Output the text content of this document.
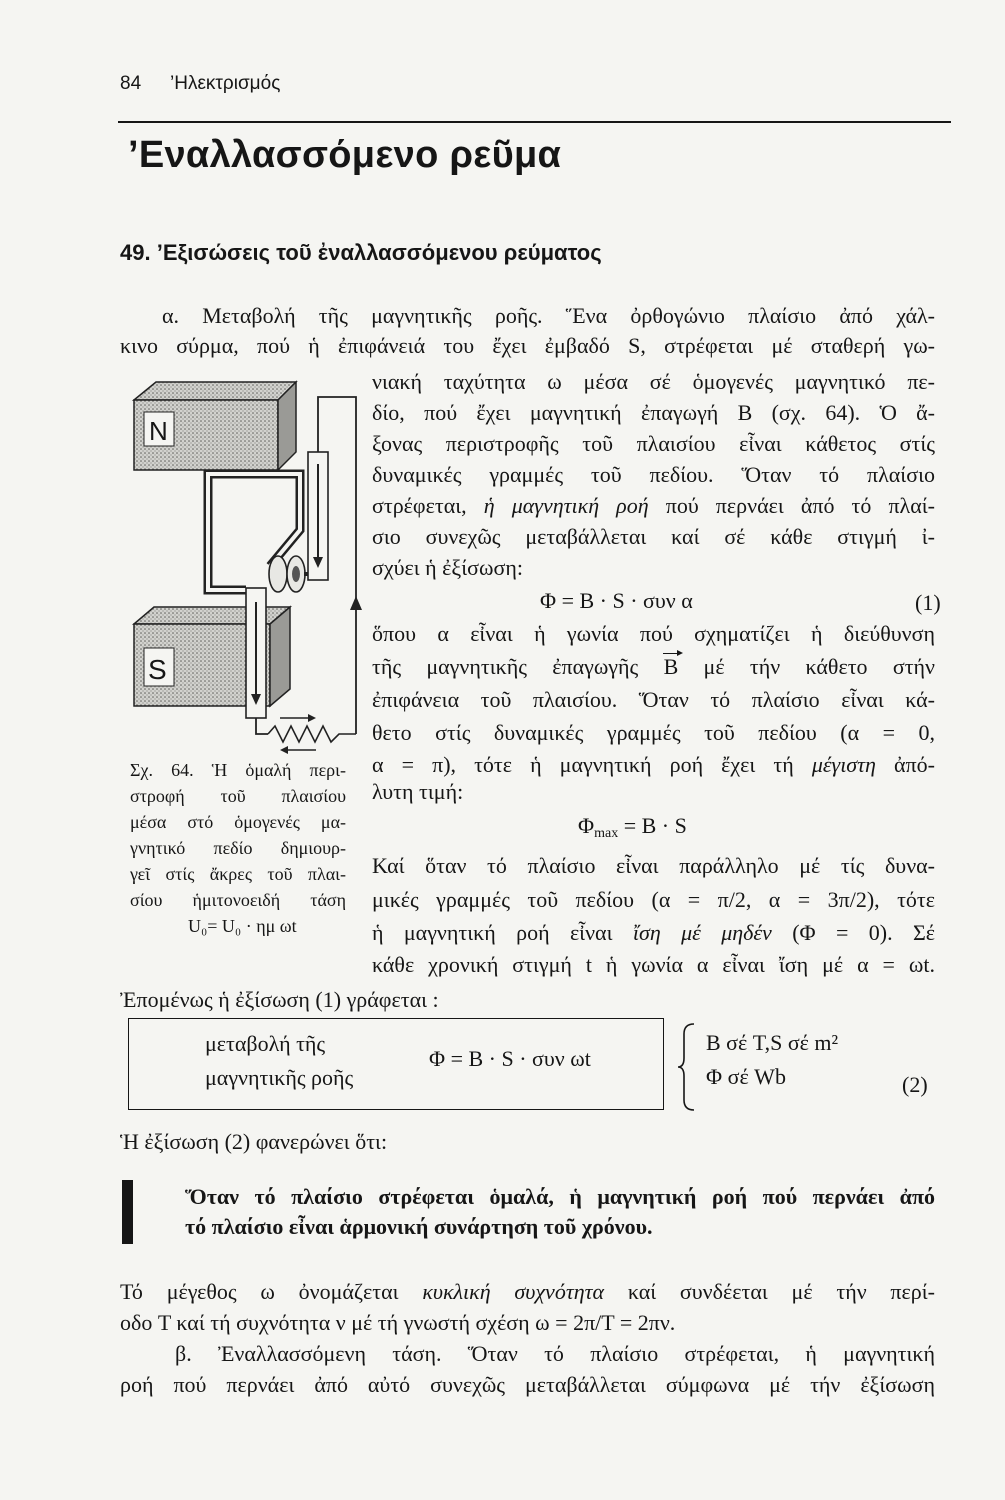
84 ’Ηλεκτρισμός
’Εναλλασσόμενο ρεῦμα
49. ’Εξισώσεις τοῦ ἐναλλασσόμενου ρεύματος
α. Μεταβολή τῆς μαγνητικῆς ροῆς. Ἕνα ὀρθογώνιο πλαίσιο ἀπό χάλ-
κινο σύρμα, πού ἡ ἐπιφάνειά του ἔχει ἐμβαδό S, στρέφεται μέ σταθερή γω-
νιακή ταχύτητα ω μέσα σέ ὁμογενές μαγνητικό πε-
δίο, πού ἔχει μαγνητική ἐπαγωγή B (σχ. 64). Ὁ ἄ-
ξονας περιστροφῆς τοῦ πλαισίου εἶναι κάθετος στίς
δυναμικές γραμμές τοῦ πεδίου. Ὅταν τό πλαίσιο
στρέφεται, ἡ μαγνητική ροή πού περνάει ἀπό τό πλαί-
σιο συνεχῶς μεταβάλλεται καί σέ κάθε στιγμή ἰ-
σχύει ἡ ἐξίσωση:
Φ = B · S · συν α	(1)
ὅπου α εἶναι ἡ γωνία πού σχηματίζει ἡ διεύθυνση
τῆς μαγνητικῆς ἐπαγωγῆς B μέ τήν κάθετο στήν
ἐπιφάνεια τοῦ πλαισίου. Ὅταν τό πλαίσιο εἶναι κά-
θετο στίς δυναμικές γραμμές τοῦ πεδίου (α = 0,
α = π), τότε ἡ μαγνητική ροή ἔχει τή μέγιστη ἀπό-
λυτη τιμή:
$\Phi_{max} = B \cdot S$
Καί ὅταν τό πλαίσιο εἶναι παράλληλο μέ τίς δυνα-
μικές γραμμές τοῦ πεδίου (α = π/2, α = 3π/2), τότε
ἡ μαγνητική ροή εἶναι ἴση μέ μηδέν (Φ = 0). Σέ
κάθε χρονική στιγμή t ἡ γωνία α εἶναι ἴση μέ α = ωt.
N
S
Σχ. 64. Ἡ ὁμαλή περι-
στροφή τοῦ πλαισίου
μέσα στό ὁμογενές μα-
γνητικό πεδίο δημιουρ-
γεῖ στίς ἄκρες τοῦ πλαι-
σίου ἡμιτονοειδή τάση
U₀= U₀ · ημ ωt
Ἐπομένως ἡ ἐξίσωση (1) γράφεται :
μεταβολή τῆς
μαγνητικῆς ροῆς
Φ = B · S · συν ωt
B σέ T,S σέ m²
Φ σέ Wb	(2)
Ἡ ἐξίσωση (2) φανερώνει ὅτι:
Ὅταν τό πλαίσιο στρέφεται ὁμαλά, ἡ μαγνητική ροή πού περνάει ἀπό
τό πλαίσιο εἶναι ἁρμονική συνάρτηση τοῦ χρόνου.
Τό μέγεθος ω ὀνομάζεται κυκλική συχνότητα καί συνδέεται μέ τήν περί-
οδο T καί τή συχνότητα ν μέ τή γνωστή σχέση ω = 2π/T = 2πν.
β. Ἐναλλασσόμενη τάση. Ὅταν τό πλαίσιο στρέφεται, ἡ μαγνητική
ροή πού περνάει ἀπό αὐτό συνεχῶς μεταβάλλεται σύμφωνα μέ τήν ἐξίσωση
